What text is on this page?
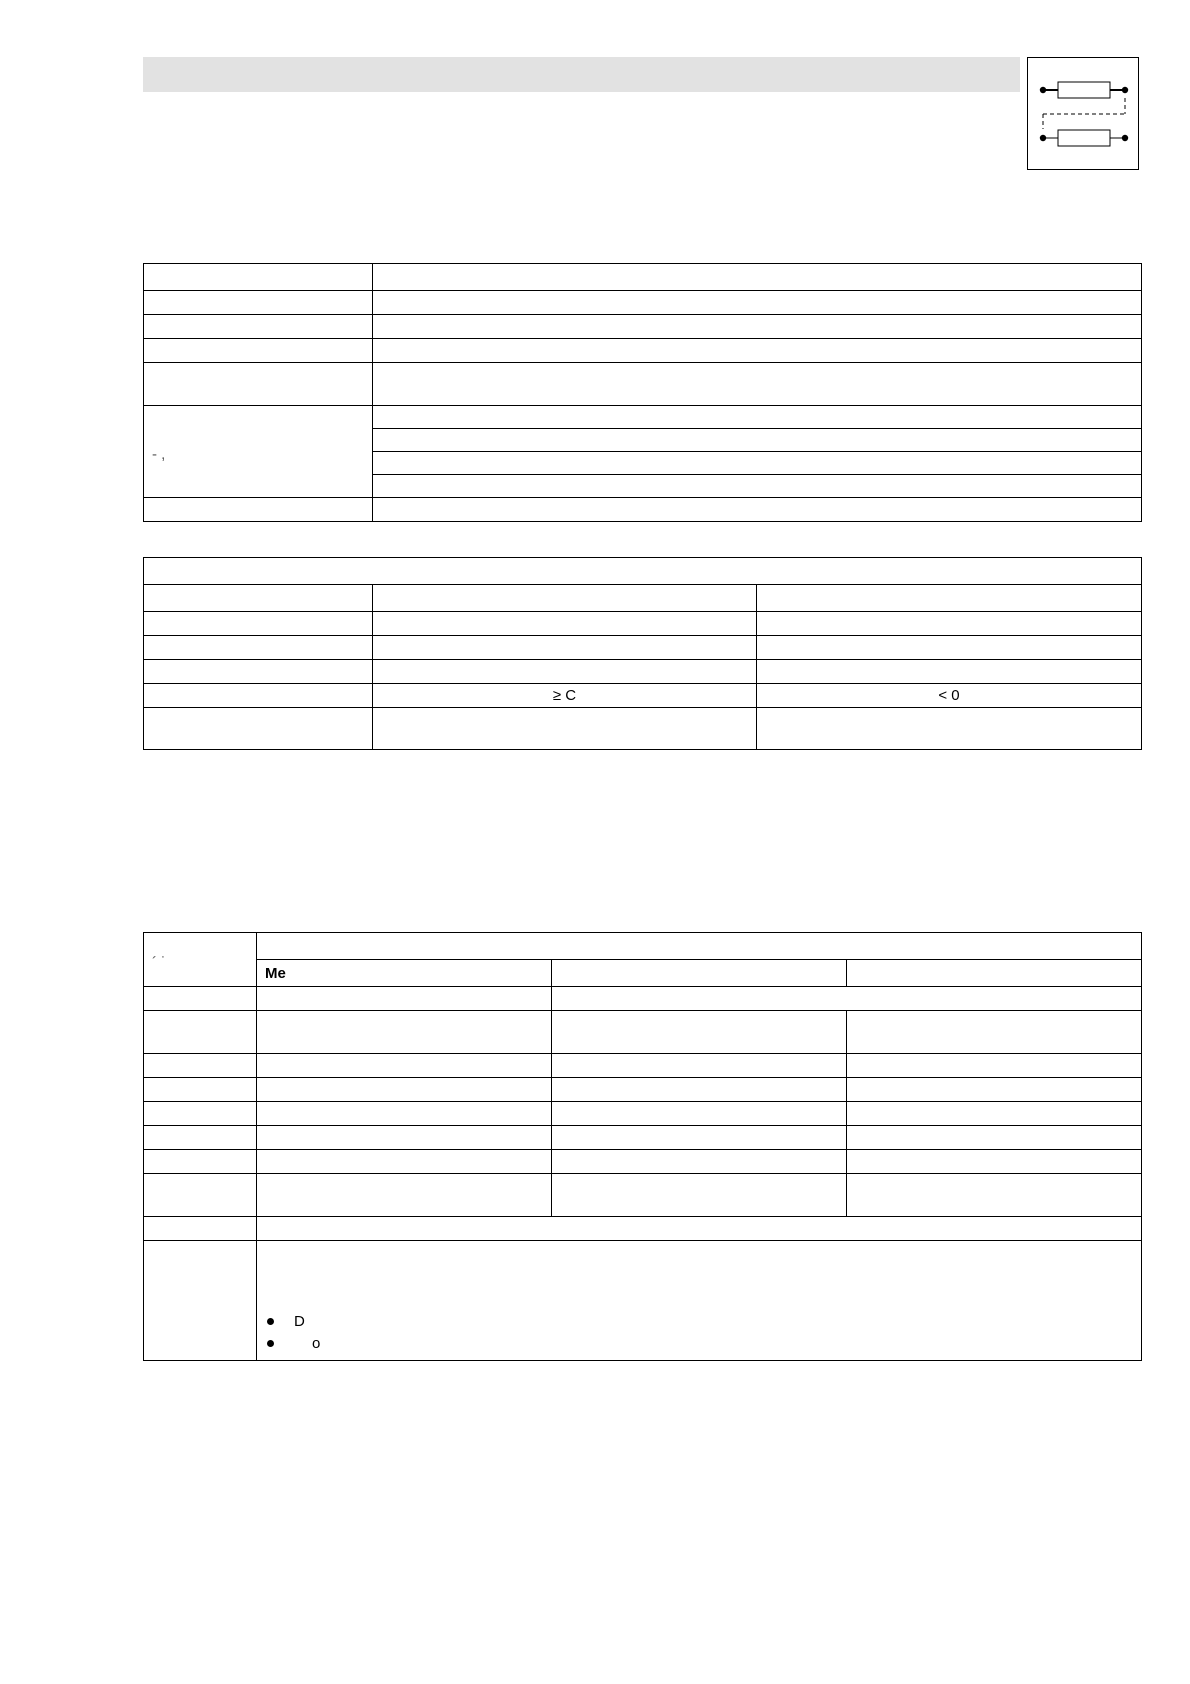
- ,	

	≥ C	< 0

´ ˙			
	Me		

	D
o		
